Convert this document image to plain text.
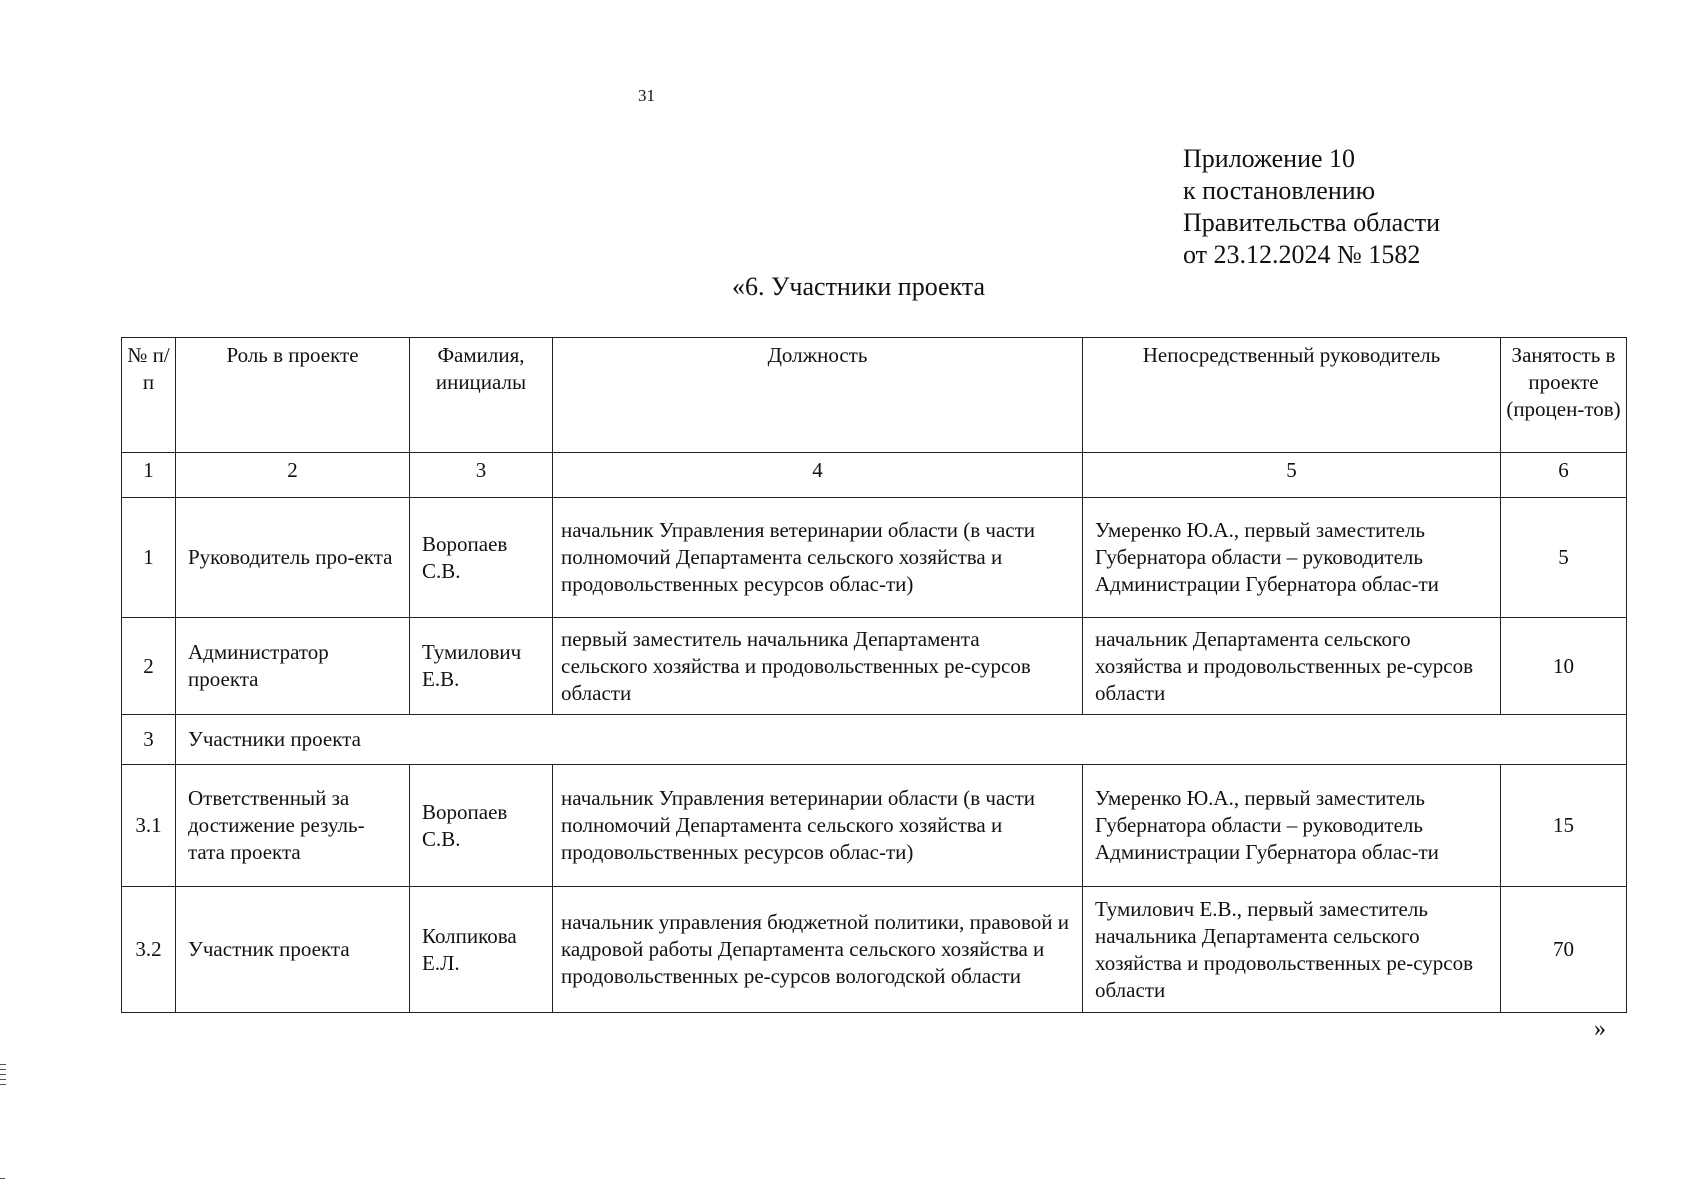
31
Приложение 10
к постановлению
Правительства области
от 23.12.2024 № 1582
«6. Участники проекта
№ п/п	Роль в проекте	Фамилия, инициалы	Должность	Непосредственный руководитель	Занятость в проекте (процен-тов)
1	2	3	4	5	6
1	Руководитель про-екта	Воропаев С.В.	начальник Управления ветеринарии области (в части полномочий Департамента сельского хозяйства и продовольственных ресурсов облас-ти)	Умеренко Ю.А., первый заместитель Губернатора области – руководитель Администрации Губернатора облас-ти	5
2	Администратор проекта	Тумилович Е.В.	первый заместитель начальника Департамента сельского хозяйства и продовольственных ре-сурсов области	начальник Департамента сельского хозяйства и продовольственных ре-сурсов области	10
3	Участники проекта				
3.1	Ответственный за достижение резуль-тата проекта	Воропаев С.В.	начальник Управления ветеринарии области (в части полномочий Департамента сельского хозяйства и продовольственных ресурсов облас-ти)	Умеренко Ю.А., первый заместитель Губернатора области – руководитель Администрации Губернатора облас-ти	15
3.2	Участник проекта	Колпикова Е.Л.	начальник управления бюджетной политики, правовой и кадровой работы Департамента сельского хозяйства и продовольственных ре-сурсов вологодской области	Тумилович Е.В., первый заместитель начальника Департамента сельского хозяйства и продовольственных ре-сурсов области	70
»
